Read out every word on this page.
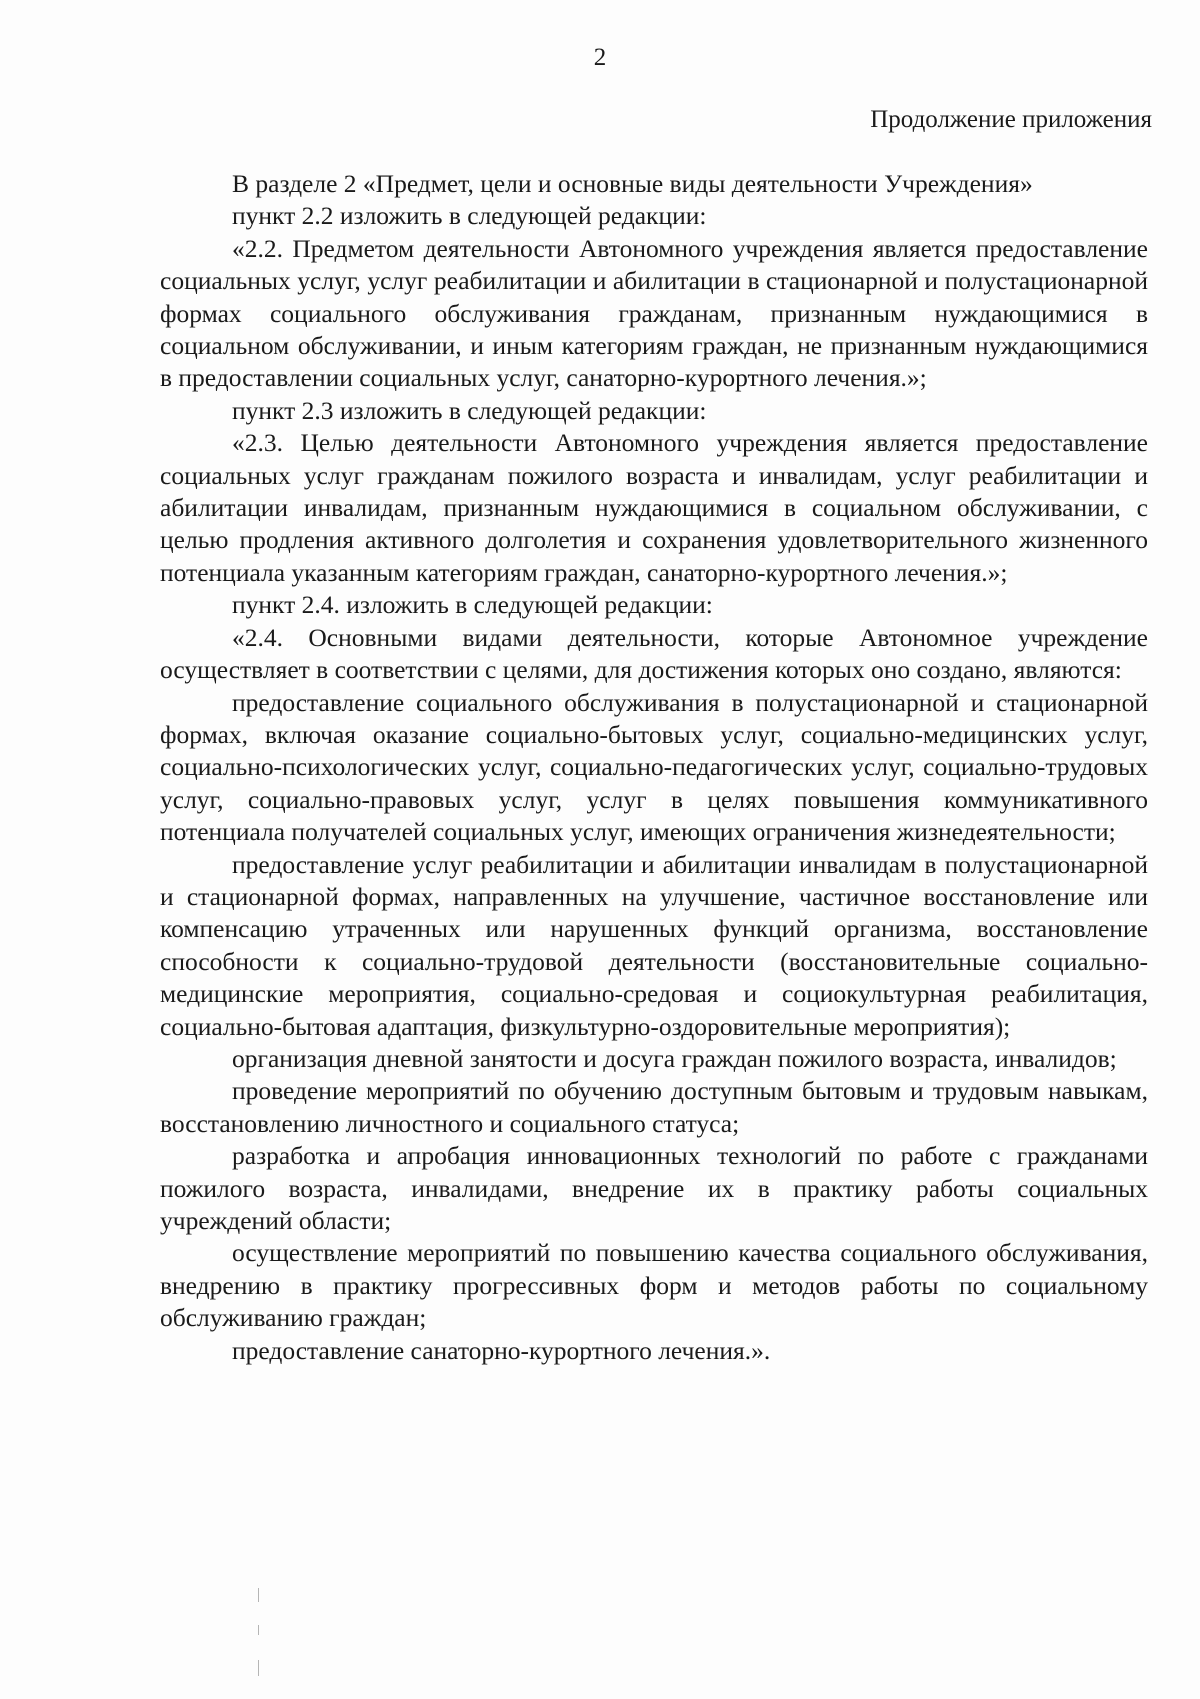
2
Продолжение приложения

В разделе 2 «Предмет, цели и основные виды деятельности Учреждения»

пункт 2.2 изложить в следующей редакции:

«2.2. Предметом деятельности Автономного учреждения является предоставление социальных услуг, услуг реабилитации и абилитации в стационарной и полустационарной формах социального обслуживания гражданам, признанным нуждающимися в социальном обслуживании, и иным категориям граждан, не признанным нуждающимися в предоставлении социальных услуг, санаторно-курортного лечения.»;

пункт 2.3 изложить в следующей редакции:

«2.3. Целью деятельности Автономного учреждения является предоставление социальных услуг гражданам пожилого возраста и инвалидам, услуг реабилитации и абилитации инвалидам, признанным нуждающимися в социальном обслуживании, с целью продления активного долголетия и сохранения удовлетворительного жизненного потенциала указанным категориям граждан, санаторно-курортного лечения.»;

пункт 2.4. изложить в следующей редакции:

«2.4. Основными видами деятельности, которые Автономное учреждение осуществляет в соответствии с целями, для достижения которых оно создано, являются:

предоставление социального обслуживания в полустационарной и стационарной формах, включая оказание социально-бытовых услуг, социально-медицинских услуг, социально-психологических услуг, социально-педагогических услуг, социально-трудовых услуг, социально-правовых услуг, услуг в целях повышения коммуникативного потенциала получателей социальных услуг, имеющих ограничения жизнедеятельности;

предоставление услуг реабилитации и абилитации инвалидам в полустационарной и стационарной формах, направленных на улучшение, частичное восстановление или компенсацию утраченных или нарушенных функций организма, восстановление способности к социально-трудовой деятельности (восстановительные социально-медицинские мероприятия, социально-средовая и социокультурная реабилитация, социально-бытовая адаптация, физкультурно-оздоровительные мероприятия);

организация дневной занятости и досуга граждан пожилого возраста, инвалидов;

проведение мероприятий по обучению доступным бытовым и трудовым навыкам, восстановлению личностного и социального статуса;

разработка и апробация инновационных технологий по работе с гражданами пожилого возраста, инвалидами, внедрение их в практику работы социальных учреждений области;

осуществление мероприятий по повышению качества социального обслуживания, внедрению в практику прогрессивных форм и методов работы по социальному обслуживанию граждан;

предоставление санаторно-курортного лечения.».
